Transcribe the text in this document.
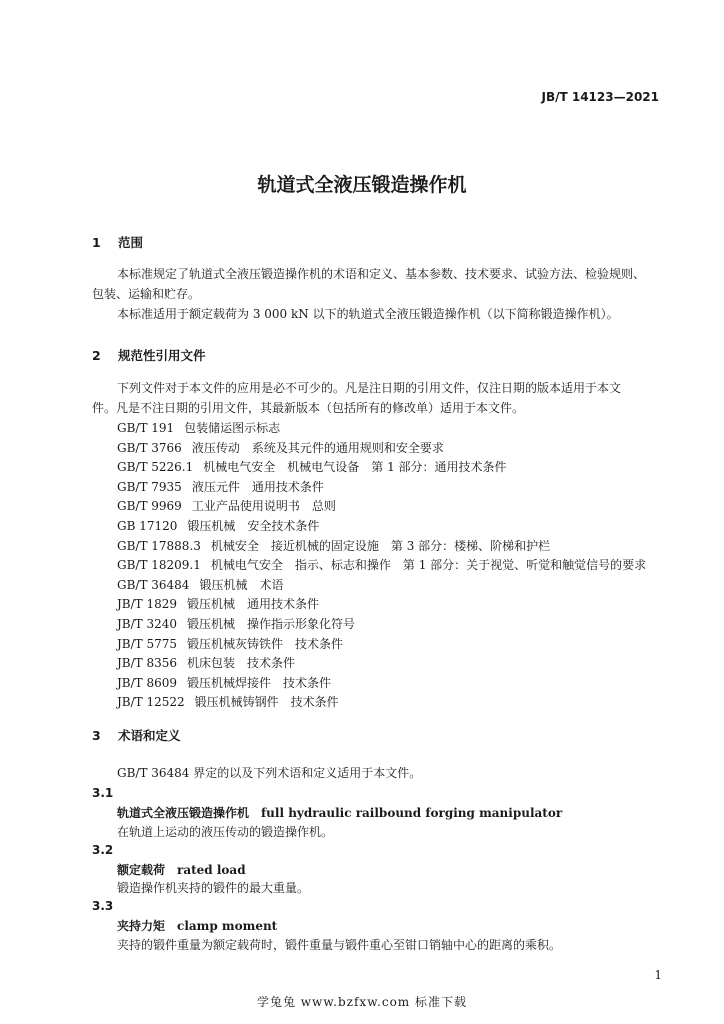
JB/T 14123—2021
轨道式全液压锻造操作机
1 范围
本标准规定了轨道式全液压锻造操作机的术语和定义、基本参数、技术要求、试验方法、检验规则、
包装、运输和贮存。
本标准适用于额定载荷为 3 000 kN 以下的轨道式全液压锻造操作机（以下简称锻造操作机）。
2 规范性引用文件
下列文件对于本文件的应用是必不可少的。凡是注日期的引用文件，仅注日期的版本适用于本文
件。凡是不注日期的引用文件，其最新版本（包括所有的修改单）适用于本文件。
GB/T 191 包装储运图示标志
GB/T 3766 液压传动　系统及其元件的通用规则和安全要求
GB/T 5226.1 机械电气安全　机械电气设备　第 1 部分：通用技术条件
GB/T 7935 液压元件　通用技术条件
GB/T 9969 工业产品使用说明书　总则
GB 17120 锻压机械　安全技术条件
GB/T 17888.3 机械安全　接近机械的固定设施　第 3 部分：楼梯、阶梯和护栏
GB/T 18209.1 机械电气安全　指示、标志和操作　第 1 部分：关于视觉、听觉和触觉信号的要求
GB/T 36484 锻压机械　术语
JB/T 1829 锻压机械　通用技术条件
JB/T 3240 锻压机械　操作指示形象化符号
JB/T 5775 锻压机械灰铸铁件　技术条件
JB/T 8356 机床包装　技术条件
JB/T 8609 锻压机械焊接件　技术条件
JB/T 12522 锻压机械铸钢件　技术条件
3 术语和定义
GB/T 36484 界定的以及下列术语和定义适用于本文件。
3.1
轨道式全液压锻造操作机 full hydraulic railbound forging manipulator
在轨道上运动的液压传动的锻造操作机。
3.2
额定载荷 rated load
锻造操作机夹持的锻件的最大重量。
3.3
夹持力矩 clamp moment
夹持的锻件重量为额定载荷时，锻件重量与锻件重心至钳口销轴中心的距离的乘积。
1
学兔兔 www.bzfxw.com 标准下载
